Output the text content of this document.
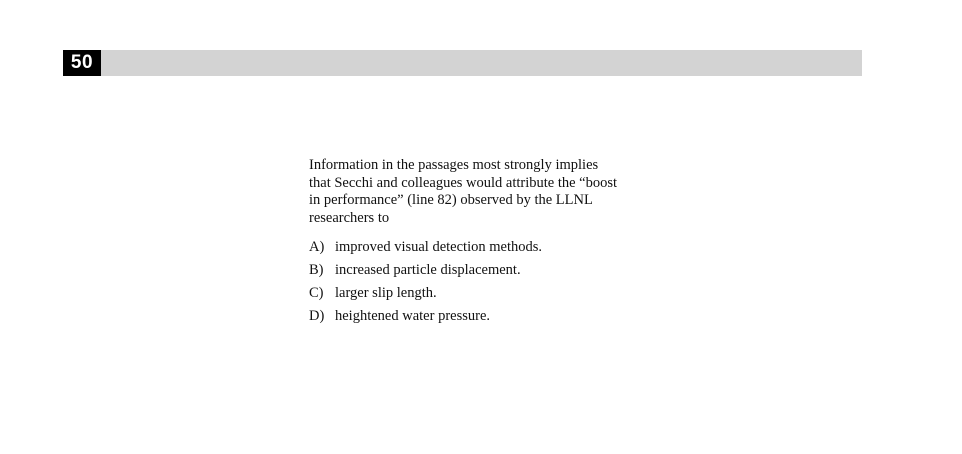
50

Information in the passages most strongly implies
that Secchi and colleagues would attribute the “boost
in performance” (line 82) observed by the LLNL
researchers to

A) improved visual detection methods.
B) increased particle displacement.
C) larger slip length.
D) heightened water pressure.
